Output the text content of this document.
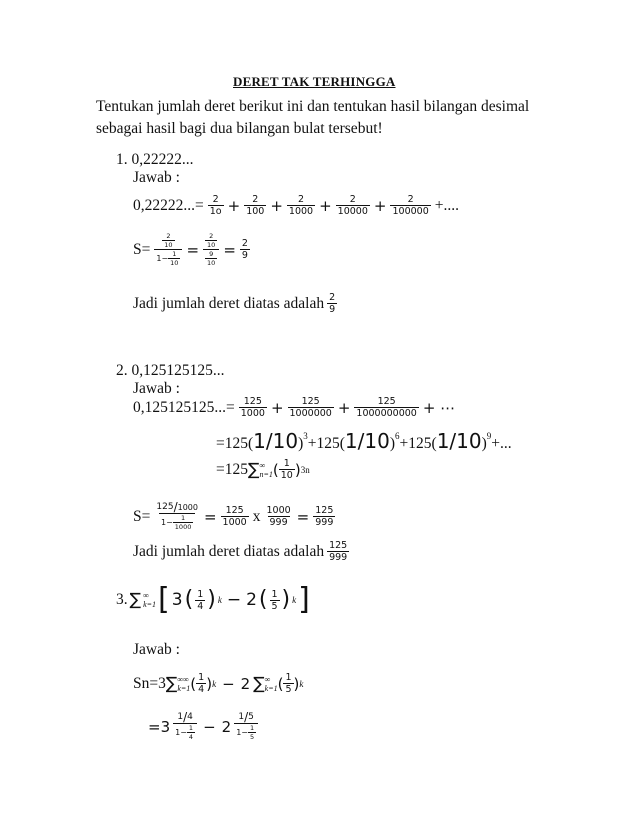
DERET TAK TERHINGGA
Tentukan jumlah deret berikut ini dan tentukan hasil bilangan desimal
sebagai hasil bagi dua bilangan bulat tersebut!
1. 0,22222...
Jawab :
$0,22222...= \frac{2}{1o} + \frac{2}{100} + \frac{2}{1000} + \frac{2}{10000} + \frac{2}{100000}$ +....
$S= \frac{\frac{2}{10}}{1- \frac{1}{10}} = \frac{\frac{2}{10}}{\frac{9}{10}} = \frac{2}{9}$
Jadi jumlah deret diatas adalah $\frac{2}{9}$
2. 0,125125125...
Jawab :
$0,125125125...= \frac{125}{1000} + \frac{125}{1000000} + \frac{125}{1000000000}$ + ⋯
$=125(1/10)^3+125(1/10)^6+125(1/10)^9+$...
=125 ∑ ∞
n=1 ( $\frac{1}{10}$ ) 3n
$S= \frac{125 / 1000}{1- \frac{1}{1000}} = \frac{125}{1000}$ x $\frac{1000}{999} = \frac{125}{999}$
Jadi jumlah deret diatas adalah $\frac{125}{999}$
3. ∑ ∞
k=1 [ 3 ( $\frac{1}{4}$ ) k − 2 ( $\frac{1}{5}$ ) k ]
Jawab :
Sn=3 ∑ ∞∞
k=1 ( $\frac{1}{4}$ ) k − 2 ∑ ∞
k=1 ( $\frac{1}{5}$ ) k
$=3 \frac{1 / 4}{1- \frac{1}{4}} - 2 \frac{1 / 5}{1- \frac{1}{5}}$
